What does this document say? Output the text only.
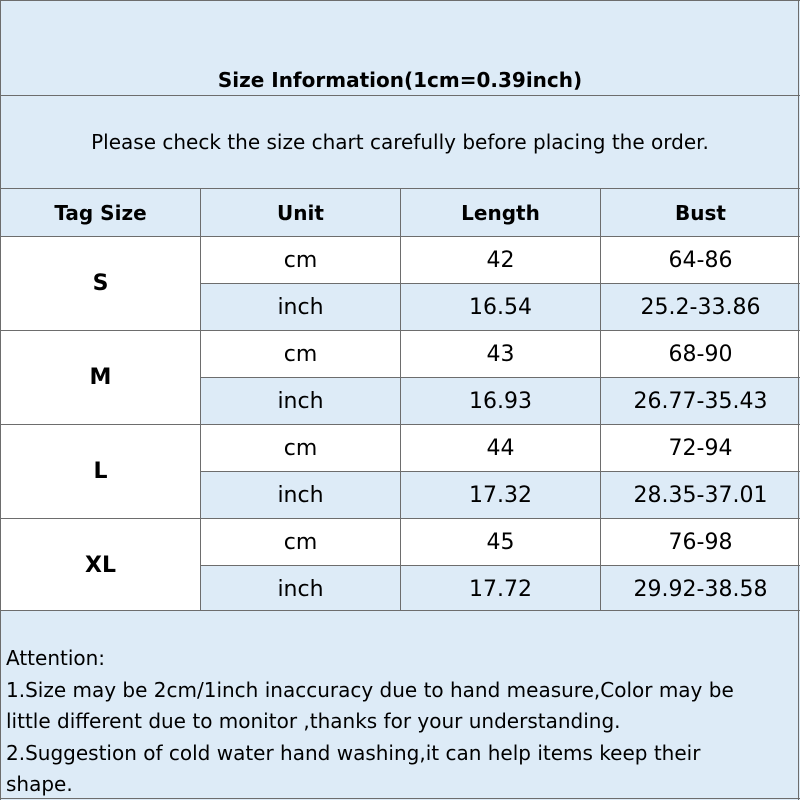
Size Information(1cm=0.39inch)
Please check the size chart carefully before placing the order.
Tag Size	Unit	Length	Bust
S	cm	42	64-86
	inch	16.54	25.2-33.86
M	cm	43	68-90
	inch	16.93	26.77-35.43
L	cm	44	72-94
	inch	17.32	28.35-37.01
XL	cm	45	76-98
	inch	17.72	29.92-38.58
Attention:
1.Size may be 2cm/1inch inaccuracy due to hand measure,Color may be
little different due to monitor ,thanks for your understanding.
2.Suggestion of cold water hand washing,it can help items keep their
shape.
